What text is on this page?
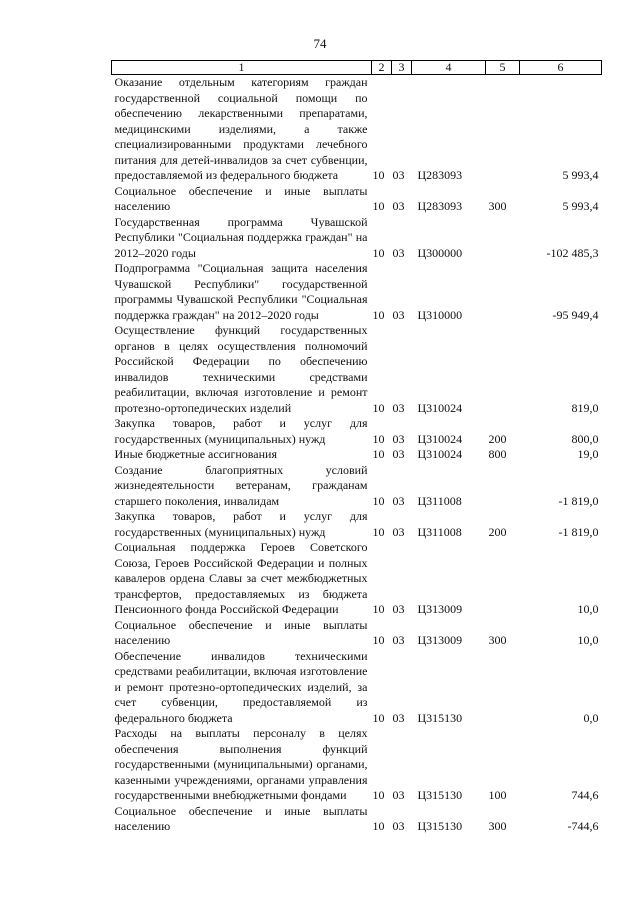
74
1	2	3	4	5	6
Оказание отдельным категориям граждан государственной социальной помощи по обеспечению лекарственными препаратами, медицинскими изделиями, а также специализированными продуктами лечебного питания для детей-инвалидов за счет субвенции, предоставляемой из федерального бюджета	10	03	Ц283093		5 993,4
Социальное обеспечение и иные выплаты населению	10	03	Ц283093	300	5 993,4
Государственная программа Чувашской Республики "Социальная поддержка граждан" на 2012–2020 годы	10	03	Ц300000		-102 485,3
Подпрограмма "Социальная защита населения Чувашской Республики" государственной программы Чувашской Республики "Социальная поддержка граждан" на 2012–2020 годы	10	03	Ц310000		-95 949,4
Осуществление функций государственных органов в целях осуществления полномочий Российской Федерации по обеспечению инвалидов техническими средствами реабилитации, включая изготовление и ремонт протезно-ортопедических изделий	10	03	Ц310024		819,0
Закупка товаров, работ и услуг для государственных (муниципальных) нужд	10	03	Ц310024	200	800,0
Иные бюджетные ассигнования	10	03	Ц310024	800	19,0
Создание благоприятных условий жизнедеятельности ветеранам, гражданам старшего поколения, инвалидам	10	03	Ц311008		-1 819,0
Закупка товаров, работ и услуг для государственных (муниципальных) нужд	10	03	Ц311008	200	-1 819,0
Социальная поддержка Героев Советского Союза, Героев Российской Федерации и полных кавалеров ордена Славы за счет межбюджетных трансфертов, предоставляемых из бюджета Пенсионного фонда Российской Федерации	10	03	Ц313009		10,0
Социальное обеспечение и иные выплаты населению	10	03	Ц313009	300	10,0
Обеспечение инвалидов техническими средствами реабилитации, включая изготовление и ремонт протезно-ортопедических изделий, за счет субвенции, предоставляемой из федерального бюджета	10	03	Ц315130		0,0
Расходы на выплаты персоналу в целях обеспечения выполнения функций государственными (муниципальными) органами, казенными учреждениями, органами управления государственными внебюджетными фондами	10	03	Ц315130	100	744,6
Социальное обеспечение и иные выплаты населению	10	03	Ц315130	300	-744,6
